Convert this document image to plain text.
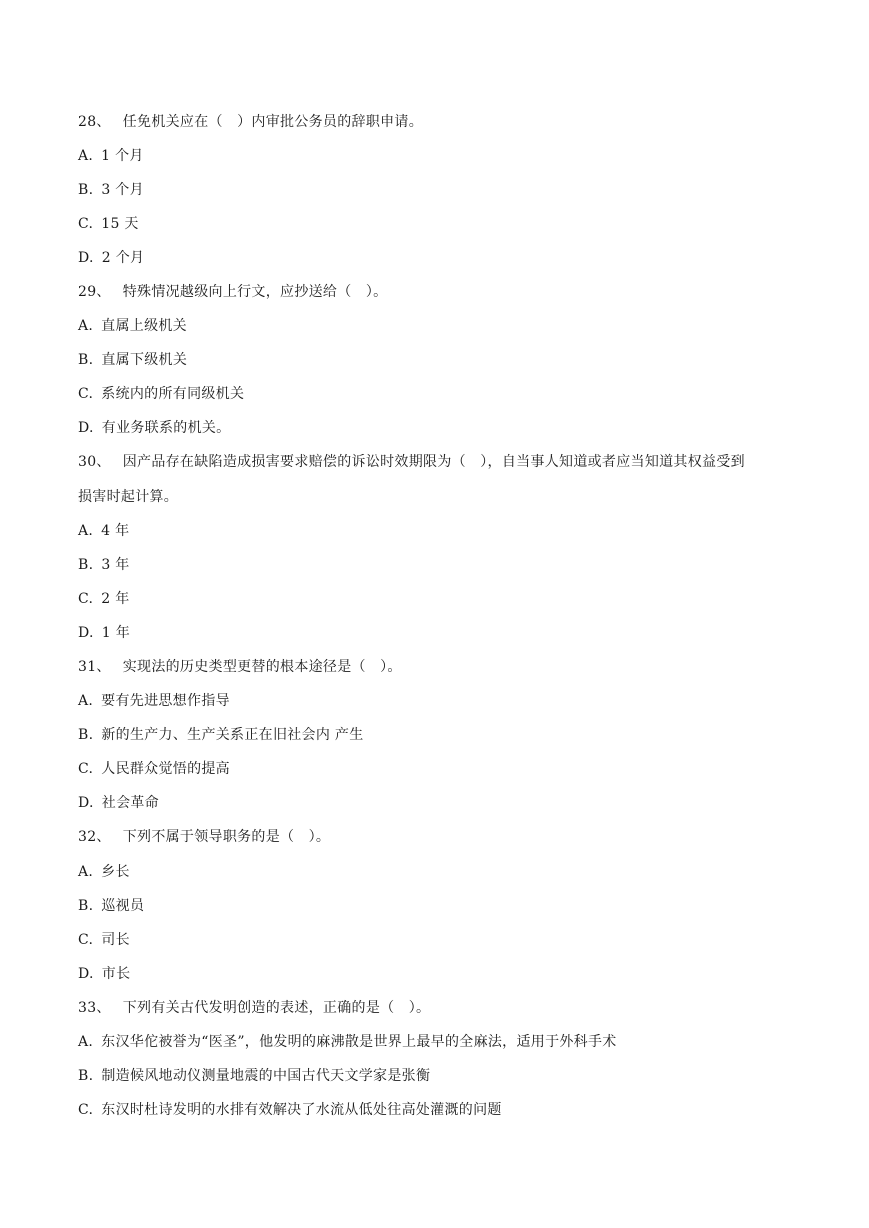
28、 任免机关应在（　）内审批公务员的辞职申请。
A. 1 个月
B. 3 个月
C. 15 天
D. 2 个月
29、 特殊情况越级向上行文，应抄送给（　）。
A. 直属上级机关
B. 直属下级机关
C. 系统内的所有同级机关
D. 有业务联系的机关。
30、 因产品存在缺陷造成损害要求赔偿的诉讼时效期限为（　），自当事人知道或者应当知道其权益受到
损害时起计算。
A. 4 年
B. 3 年
C. 2 年
D. 1 年
31、 实现法的历史类型更替的根本途径是（　）。
A. 要有先进思想作指导
B. 新的生产力、生产关系正在旧社会内 产生
C. 人民群众觉悟的提高
D. 社会革命
32、 下列不属于领导职务的是（　）。
A. 乡长
B. 巡视员
C. 司长
D. 市长
33、 下列有关古代发明创造的表述，正确的是（　）。
A. 东汉华佗被誉为“医圣”，他发明的麻沸散是世界上最早的全麻法，适用于外科手术
B. 制造候风地动仪测量地震的中国古代天文学家是张衡
C. 东汉时杜诗发明的水排有效解决了水流从低处往高处灌溉的问题
